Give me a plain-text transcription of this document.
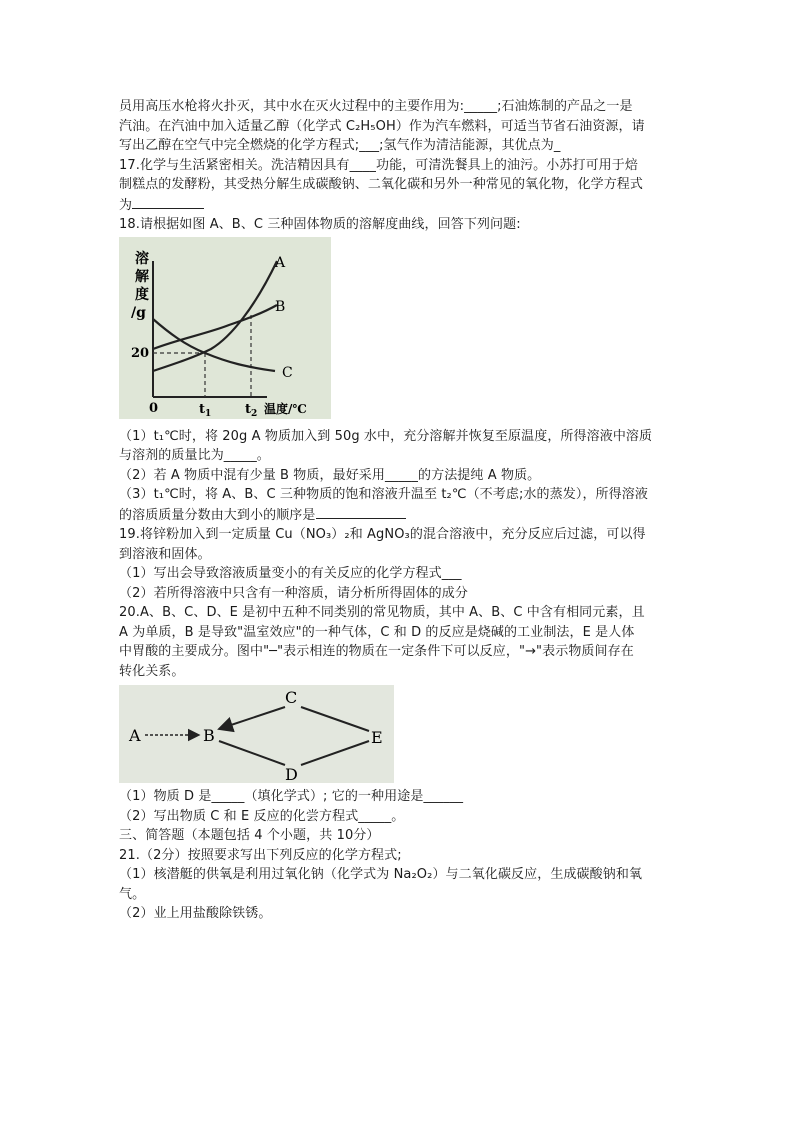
员用高压水枪将火扑灭，其中水在灭火过程中的主要作用为:_____;石油炼制的产品之一是
汽油。在汽油中加入适量乙醇（化学式 C₂H₅OH）作为汽车燃料，可适当节省石油资源，请
写出乙醇在空气中完全燃烧的化学方程式;___;氢气作为清洁能源，其优点为_
17.化学与生活紧密相关。洗洁精因具有____功能，可清洗餐具上的油污。小苏打可用于焙
制糕点的发酵粉，其受热分解生成碳酸钠、二氧化碳和另外一种常见的氧化物，化学方程式
为
18.请根据如图 A、B、C 三种固体物质的溶解度曲线，回答下列问题:
溶
解
度
/g
A
B
C
20
0	$t_1$	$t_2$ 温度/℃
（1）t₁℃时，将 20g A 物质加入到 50g 水中，充分溶解并恢复至原温度，所得溶液中溶质
与溶剂的质量比为_____。
（2）若 A 物质中混有少量 B 物质，最好采用_____的方法提纯 A 物质。
（3）t₁℃时，将 A、B、C 三种物质的饱和溶液升温至 t₂℃（不考虑;水的蒸发），所得溶液
的溶质质量分数由大到小的顺序是
19.将锌粉加入到一定质量 Cu（NO₃）₂和 AgNO₃的混合溶液中，充分反应后过滤，可以得
到溶液和固体。
（1）写出会导致溶液质量变小的有关反应的化学方程式___
（2）若所得溶液中只含有一种溶质，请分析所得固体的成分
20.A、B、C、D、E 是初中五种不同类别的常见物质，其中 A、B、C 中含有相同元素，且
A 为单质，B 是导致"温室效应"的一种气体，C 和 D 的反应是烧碱的工业制法，E 是人体
中胃酸的主要成分。图中"─"表示相连的物质在一定条件下可以反应，"→"表示物质间存在
转化关系。
A	B
C
E
D
（1）物质 D 是_____（填化学式）; 它的一种用途是______
（2）写出物质 C 和 E 反应的化尝方程式_____。
三、简答题（本题包括 4 个小题，共 10分）
21.（2分）按照要求写出下列反应的化学方程式;
（1）核潜艇的供氧是利用过氧化钠（化学式为 Na₂O₂）与二氧化碳反应，生成碳酸钠和氧
气。
（2）业上用盐酸除铁锈。
